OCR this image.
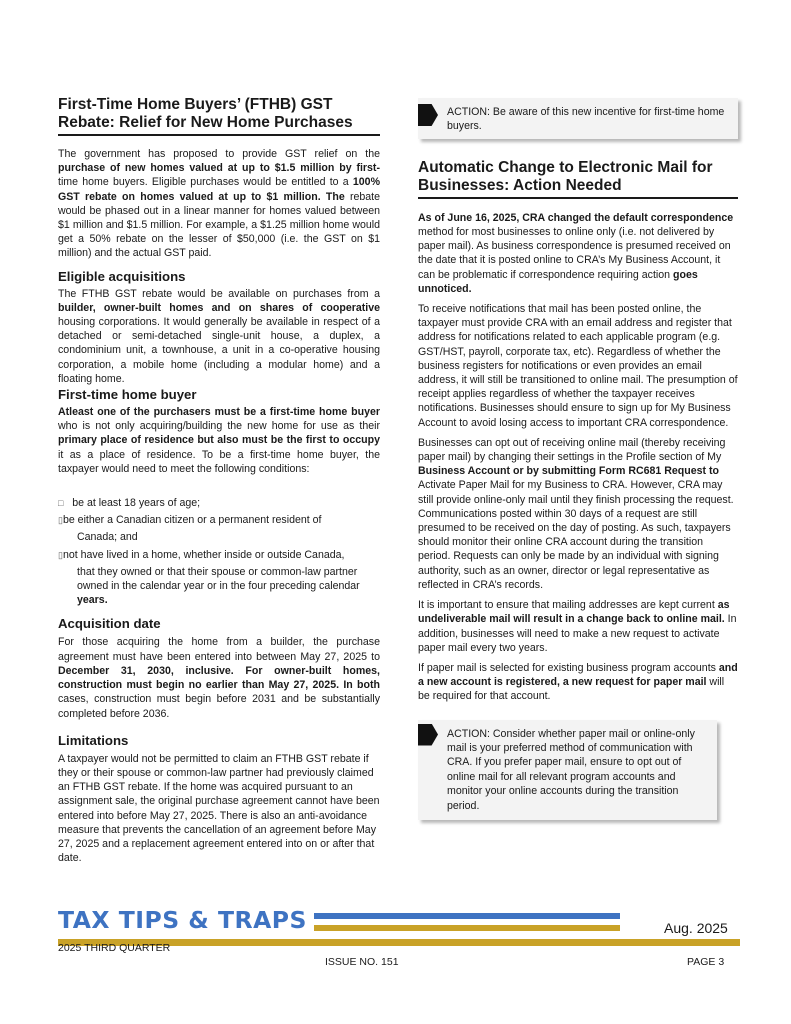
First-Time Home Buyers’ (FTHB) GST Rebate: Relief for New Home Purchases

The government has proposed to provide GST relief on the purchase of new homes valued at up to $1.5 million by first- time home buyers. Eligible purchases would be entitled to a 100% GST rebate on homes valued at up to $1 million. The rebate would be phased out in a linear manner for homes valued between $1 million and $1.5 million. For example, a $1.25 million home would get a 50% rebate on the lesser of $50,000 (i.e. the GST on $1 million) and the actual GST paid.

Eligible acquisitions

The FTHB GST rebate would be available on purchases from a builder, owner-built homes and on shares of cooperative housing corporations. It would generally be available in respect of a detached or semi-detached single-unit house, a duplex, a condominium unit, a townhouse, a unit in a co-operative housing corporation, a mobile home (including a modular home) and a floating home.

First-time home buyer

Atleast one of the purchasers must be a first-time home buyer who is not only acquiring/building the new home for use as their primary place of residence but also must be the first to occupy it as a place of residence. To be a first-time home buyer, the taxpayer would need to meet the following conditions:

□ be at least 18 years of age;

▯be either a Canadian citizen or a permanent resident of

Canada; and

▯not have lived in a home, whether inside or outside Canada,

that they owned or that their spouse or common-law partner owned in the calendar year or in the four preceding calendar years.

Acquisition date

For those acquiring the home from a builder, the purchase agreement must have been entered into between May 27, 2025 to December 31, 2030, inclusive. For owner-built homes, construction must begin no earlier than May 27, 2025. In both cases, construction must begin before 2031 and be substantially completed before 2036.

Limitations

A taxpayer would not be permitted to claim an FTHB GST rebate if they or their spouse or common-law partner had previously claimed an FTHB GST rebate. If the home was acquired pursuant to an assignment sale, the original purchase agreement cannot have been entered into before May 27, 2025. There is also an anti-avoidance measure that prevents the cancellation of an agreement before May 27, 2025 and a replacement agreement entered into on or after that date.

ACTION: Be aware of this new incentive for first-time home buyers.
Automatic Change to Electronic Mail for Businesses: Action Needed

As of June 16, 2025, CRA changed the default correspondence method for most businesses to online only (i.e. not delivered by paper mail). As business correspondence is presumed received on the date that it is posted online to CRA’s My Business Account, it can be problematic if correspondence requiring action goes unnoticed.

To receive notifications that mail has been posted online, the taxpayer must provide CRA with an email address and register that address for notifications related to each applicable program (e.g. GST/HST, payroll, corporate tax, etc). Regardless of whether the business registers for notifications or even provides an email address, it will still be transitioned to online mail. The presumption of receipt applies regardless of whether the taxpayer receives notifications. Businesses should ensure to sign up for My Business Account to avoid losing access to important CRA correspondence.

Businesses can opt out of receiving online mail (thereby receiving paper mail) by changing their settings in the Profile section of My Business Account or by submitting Form RC681 Request to Activate Paper Mail for my Business to CRA. However, CRA may still provide online-only mail until they finish processing the request. Communications posted within 30 days of a request are still presumed to be received on the day of posting. As such, taxpayers should monitor their online CRA account during the transition period. Requests can only be made by an individual with signing authority, such as an owner, director or legal representative as reflected in CRA’s records.

It is important to ensure that mailing addresses are kept current as undeliverable mail will result in a change back to online mail. In addition, businesses will need to make a new request to activate paper mail every two years.

If paper mail is selected for existing business program accounts and a new account is registered, a new request for paper mail will be required for that account.

ACTION: Consider whether paper mail or online-only mail is your preferred method of communication with CRA. If you prefer paper mail, ensure to opt out of online mail for all relevant program accounts and monitor your online accounts during the transition period.
TAX TIPS & TRAPS	Aug. 2025
2025 THIRD QUARTER
ISSUE NO. 151	PAGE 3
